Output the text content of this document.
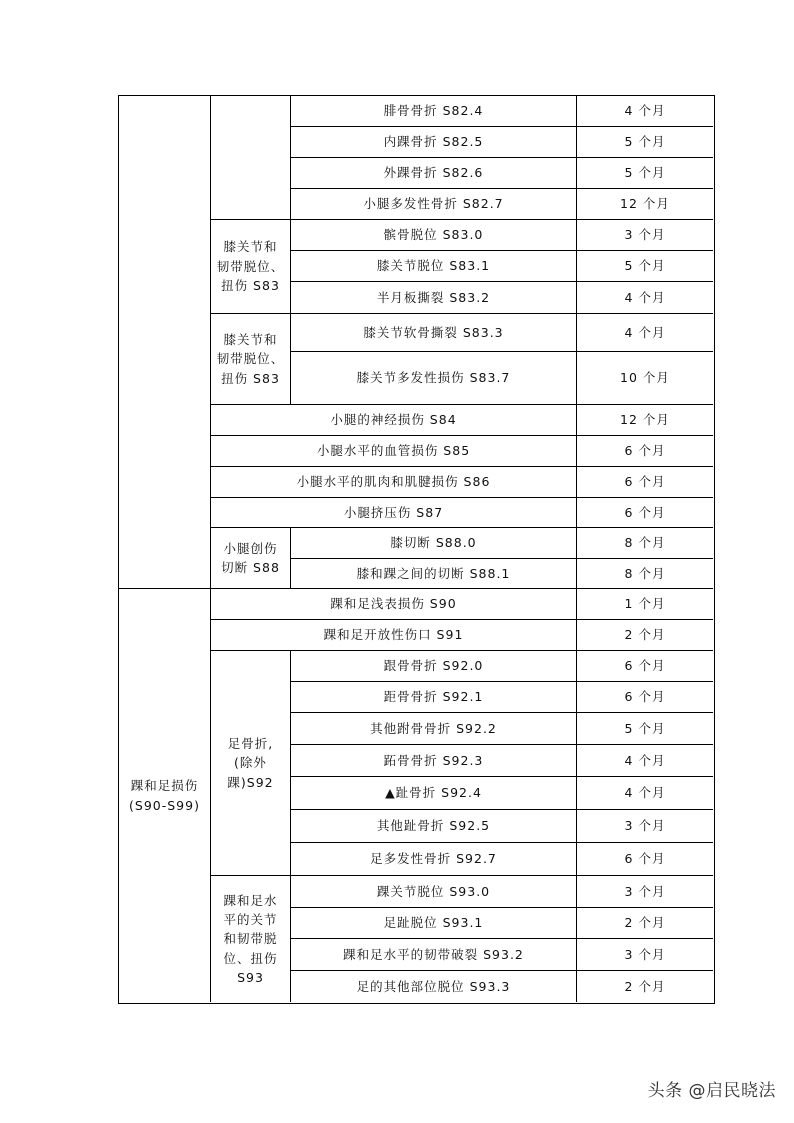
踝和足损伤
(S90-S99)
膝关节和
韧带脱位、
扭伤 S83
膝关节和
韧带脱位、
扭伤 S83
小腿的神经损伤 S84
小腿水平的血管损伤 S85
小腿水平的肌肉和肌腱损伤 S86
小腿挤压伤 S87
小腿创伤
切断 S88
踝和足浅表损伤 S90
踝和足开放性伤口 S91
足骨折,
(除外
踝)S92
踝和足水
平的关节
和韧带脱
位、扭伤
S93
腓骨骨折 S82.4
内踝骨折 S82.5
外踝骨折 S82.6
小腿多发性骨折 S82.7
髌骨脱位 S83.0
膝关节脱位 S83.1
半月板撕裂 S83.2
膝关节软骨撕裂 S83.3
膝关节多发性损伤 S83.7
膝切断 S88.0
膝和踝之间的切断 S88.1
跟骨骨折 S92.0
距骨骨折 S92.1
其他跗骨骨折 S92.2
跖骨骨折 S92.3
▲趾骨折 S92.4
其他趾骨折 S92.5
足多发性骨折 S92.7
踝关节脱位 S93.0
足趾脱位 S93.1
踝和足水平的韧带破裂 S93.2
足的其他部位脱位 S93.3
4 个月
5 个月
5 个月
12 个月
3 个月
5 个月
4 个月
4 个月
10 个月
12 个月
6 个月
6 个月
6 个月
8 个月
8 个月
1 个月
2 个月
6 个月
6 个月
5 个月
4 个月
4 个月
3 个月
6 个月
3 个月
2 个月
3 个月
2 个月
头条 @启民晓法
